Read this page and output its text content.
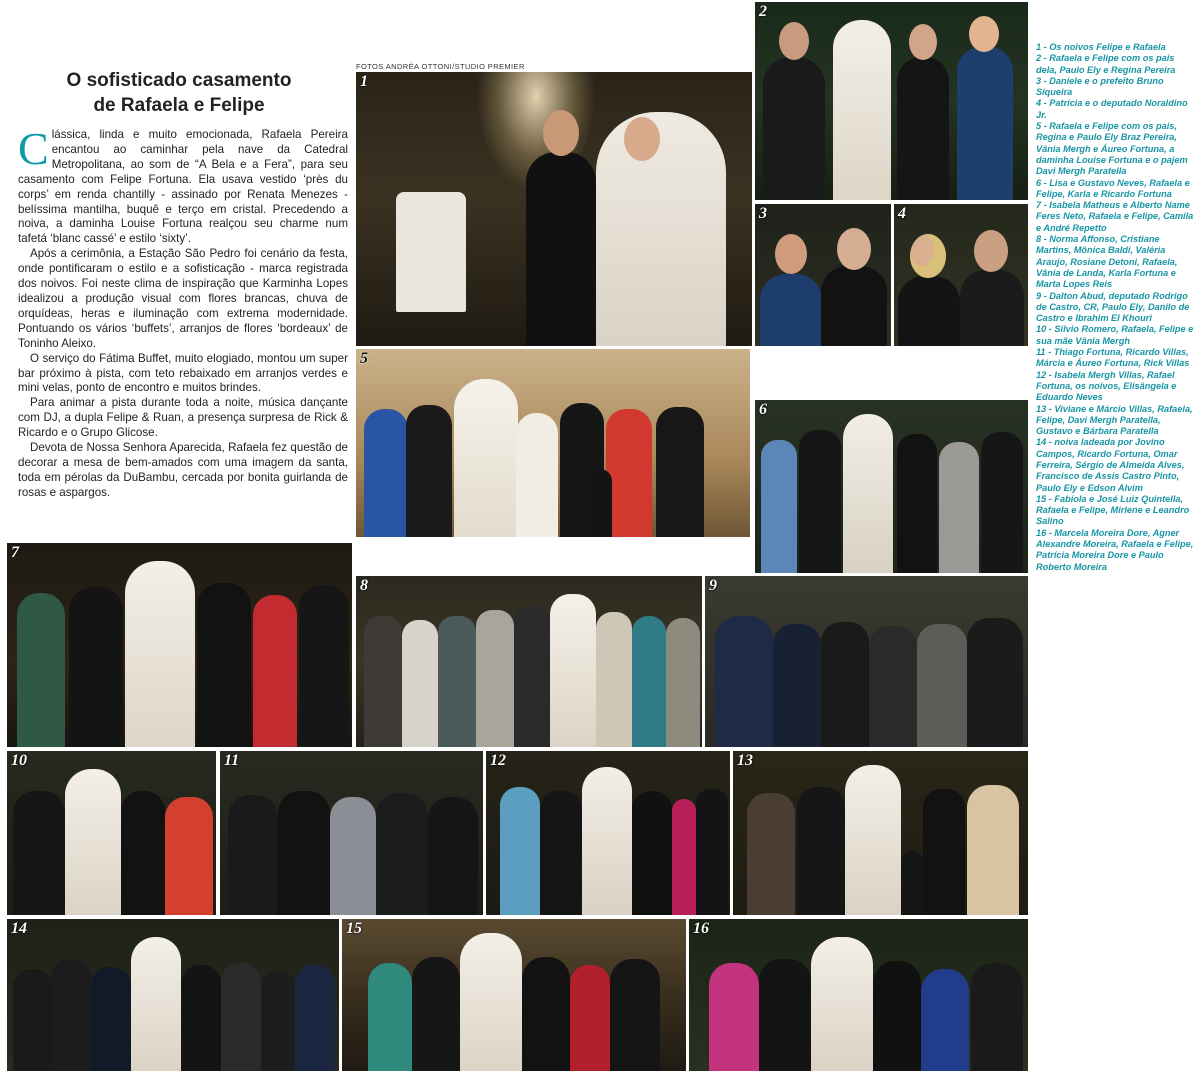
O sofisticado casamento
de Rafaela e Felipe

Clássica, linda e muito emocionada, Rafaela Pereira encantou ao caminhar pela nave da Catedral Metropolitana, ao som de “A Bela e a Fera”, para seu casamento com Felipe Fortuna. Ela usava vestido ‘près du corps’ em renda chantilly - assinado por Renata Menezes - belíssima mantilha, buquê e terço em cristal. Precedendo a noiva, a daminha Louise Fortuna realçou seu charme num tafetá ‘blanc cassé’ e estilo ‘sixty’.

Após a cerimônia, a Estação São Pedro foi cenário da festa, onde pontificaram o estilo e a sofisticação - marca registrada dos noivos. Foi neste clima de inspiração que Karminha Lopes idealizou a produção visual com flores brancas, chuva de orquídeas, heras e iluminação com extrema modernidade. Pontuando os vários ‘buffets’, arranjos de flores ‘bordeaux’ de Toninho Aleixo.

O serviço do Fátima Buffet, muito elogiado, montou um super bar próximo à pista, com teto rebaixado em arranjos verdes e mini velas, ponto de encontro e muitos brindes.

Para animar a pista durante toda a noite, música dançante com DJ, a dupla Felipe & Ruan, a presença surpresa de Rick & Ricardo e o Grupo Glicose.

Devota de Nossa Senhora Aparecida, Rafaela fez questão de decorar a mesa de bem-amados com uma imagem da santa, toda em pérolas da DuBambu, cercada por bonita guirlanda de rosas e aspargos.

FOTOS ANDRÉA OTTONI/STUDIO PREMIER
1
2
3	4
5
6
7
8	9
10	11	12	13
14	15	16
1 - Os noivos Felipe e Rafaela
2 - Rafaela e Felipe com os pais dela, Paulo Ely e Regina Pereira
3 - Daniele e o prefeito Bruno Siqueira
4 - Patrícia e o deputado Noraldino Jr.
5 - Rafaela e Felipe com os pais, Regina e Paulo Ely Braz Pereira, Vânia Mergh e Áureo Fortuna, a daminha Louise Fortuna e o pajem Davi Mergh Paratella
6 - Lisa e Gustavo Neves, Rafaela e Felipe, Karla e Ricardo Fortuna
7 - Isabela Matheus e Alberto Name Feres Neto, Rafaela e Felipe, Camila e André Repetto
8 - Norma Affonso, Cristiane Martins, Mônica Baldi, Valéria Araujo, Rosiane Detoni, Rafaela, Vânia de Landa, Karla Fortuna e Marta Lopes Reis
9 - Dalton Abud, deputado Rodrigo de Castro, CR, Paulo Ely, Danilo de Castro e Ibrahim El Khouri
10 - Silvio Romero, Rafaela, Felipe e sua mãe Vânia Mergh
11 - Thiago Fortuna, Ricardo Villas, Márcia e Áureo Fortuna, Rick Villas
12 - Isabela Mergh Villas, Rafael Fortuna, os noivos, Elisângela e Eduardo Neves
13 - Viviane e Márcio Villas, Rafaela, Felipe, Davi Mergh Paratella, Gustavo e Bárbara Paratella
14 - noiva ladeada por Jovino Campos, Ricardo Fortuna, Omar Ferreira, Sérgio de Almeida Alves, Francisco de Assis Castro Pinto, Paulo Ely e Edson Alvim
15 - Fabíola e José Luiz Quintella, Rafaela e Felipe, Mirlene e Leandro Salino
16 - Marcela Moreira Dore, Agner Alexandre Moreira, Rafaela e Felipe, Patrícia Moreira Dore e Paulo Roberto Moreira
